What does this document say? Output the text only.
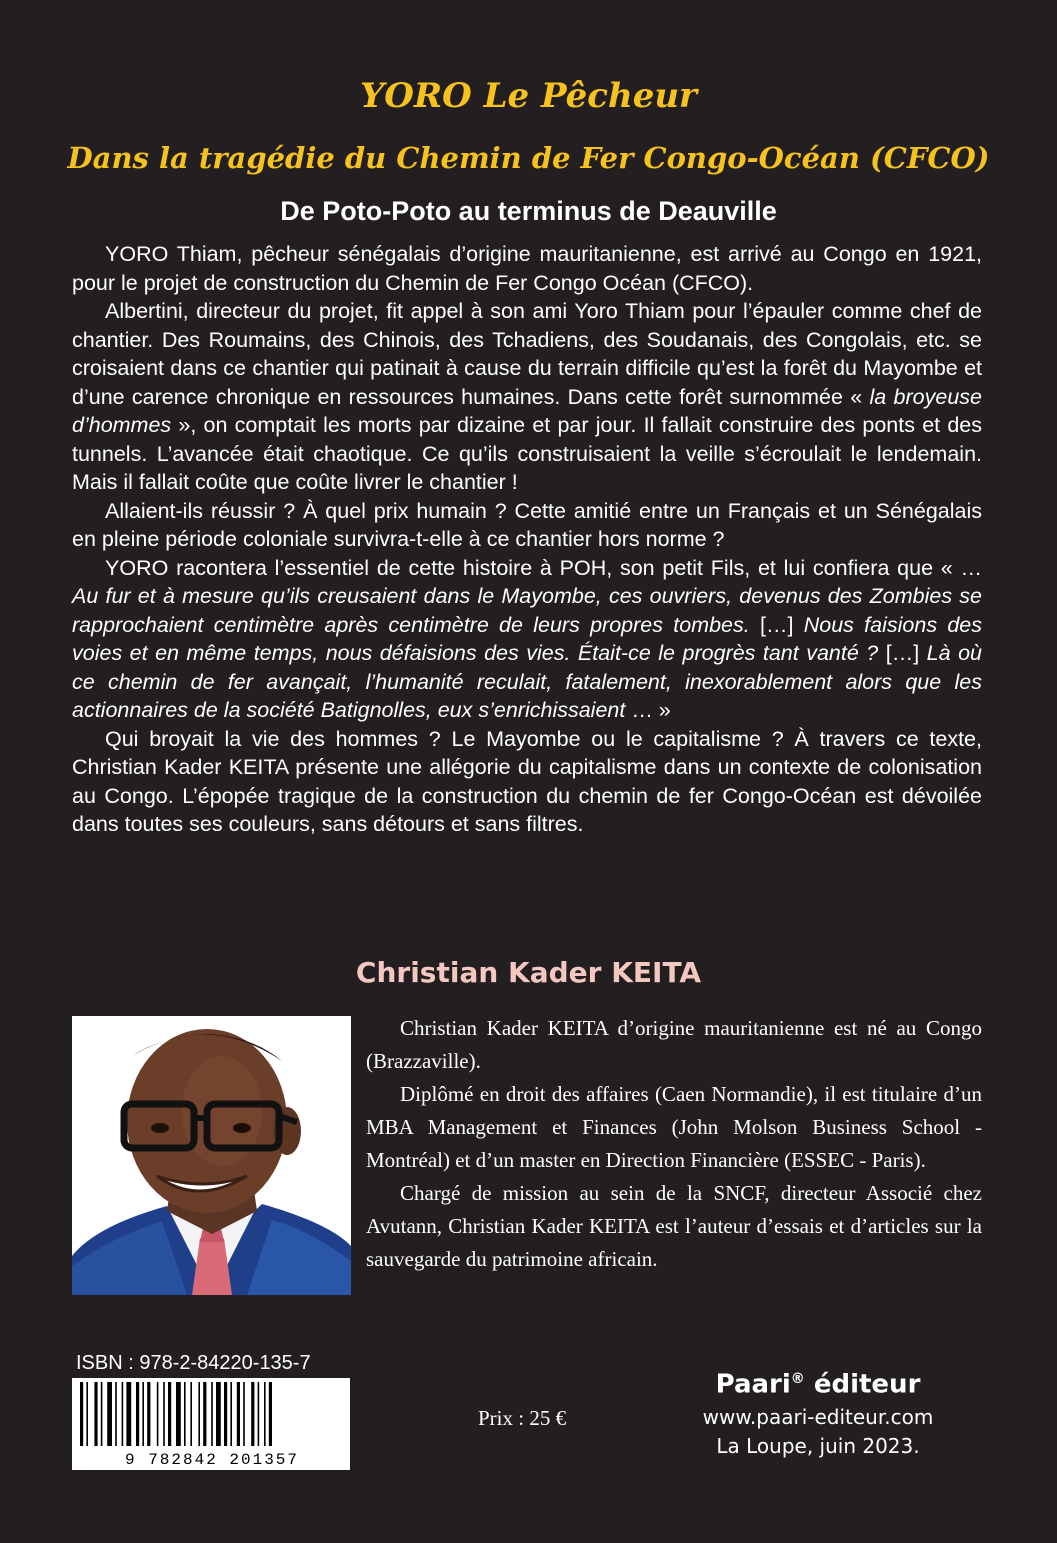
YORO Le Pêcheur
Dans la tragédie du Chemin de Fer Congo-Océan (CFCO)
De Poto-Poto au terminus de Deauville

YORO Thiam, pêcheur sénégalais d’origine mauritanienne, est arrivé au Congo en 1921, pour le projet de construction du Chemin de Fer Congo Océan (CFCO).

Albertini, directeur du projet, fit appel à son ami Yoro Thiam pour l’épauler comme chef de chantier. Des Roumains, des Chinois, des Tchadiens, des Soudanais, des Congolais, etc. se croisaient dans ce chantier qui patinait à cause du terrain difficile qu’est la forêt du Mayombe et d’une carence chronique en ressources humaines. Dans cette forêt surnommée « la broyeuse d’hommes », on comptait les morts par dizaine et par jour. Il fallait construire des ponts et des tunnels. L’avancée était chaotique. Ce qu’ils construisaient la veille s’écroulait le lendemain. Mais il fallait coûte que coûte livrer le chantier !

Allaient-ils réussir ? À quel prix humain ? Cette amitié entre un Français et un Sénégalais en pleine période coloniale survivra-t-elle à ce chantier hors norme ?

YORO racontera l’essentiel de cette histoire à POH, son petit Fils, et lui confiera que « … Au fur et à mesure qu’ils creusaient dans le Mayombe, ces ouvriers, devenus des Zombies se rapprochaient centimètre après centimètre de leurs propres tombes. […] Nous faisions des voies et en même temps, nous défaisions des vies. Était-ce le progrès tant vanté ? […] Là où ce chemin de fer avançait, l’humanité reculait, fatalement, inexorablement alors que les actionnaires de la société Batignolles, eux s’enrichissaient … »

Qui broyait la vie des hommes ? Le Mayombe ou le capitalisme ? À travers ce texte, Christian Kader KEITA présente une allégorie du capitalisme dans un contexte de colonisation au Congo. L’épopée tragique de la construction du chemin de fer Congo-Océan est dévoilée dans toutes ses couleurs, sans détours et sans filtres.

Christian Kader KEITA

Christian Kader KEITA d’origine mauritanienne est né au Congo (Brazzaville).

Diplômé en droit des affaires (Caen Normandie), il est titulaire d’un MBA Management et Finances (John Molson Business School - Montréal) et d’un master en Direction Financière (ESSEC - Paris).

Chargé de mission au sein de la SNCF, directeur Associé chez Avutann, Christian Kader KEITA est l’auteur d’essais et d’articles sur la sauvegarde du patrimoine africain.

ISBN : 978-2-84220-135-7
9 782842 201357
Prix : 25 €
Paari® éditeur
www.paari-editeur.com
La Loupe, juin 2023.
